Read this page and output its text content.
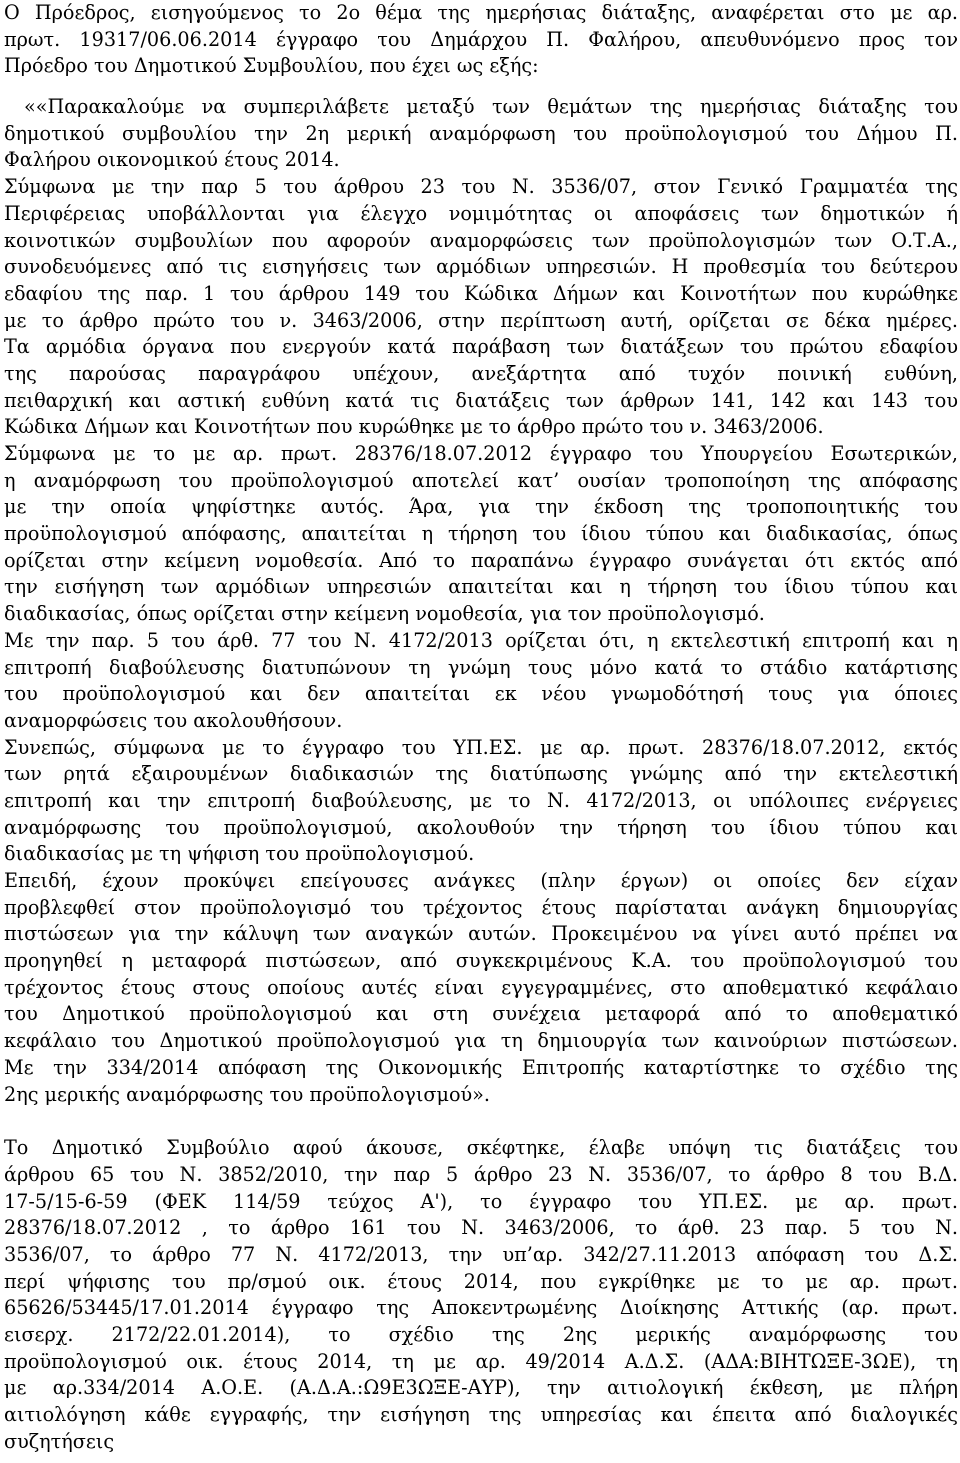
Ο Πρόεδρος, εισηγούμενος το 2ο θέμα της ημερήσιας διάταξης, αναφέρεται στο με αρ.
πρωτ. 19317/06.06.2014 έγγραφο του Δημάρχου Π. Φαλήρου, απευθυνόμενο προς τον
Πρόεδρο του Δημοτικού Συμβουλίου, που έχει ως εξής:
««Παρακαλούμε να συμπεριλάβετε μεταξύ των θεμάτων της ημερήσιας διάταξης του
δημοτικού συμβουλίου την 2η μερική αναμόρφωση του προϋπολογισμού του Δήμου Π.
Φαλήρου οικονομικού έτους 2014.
Σύμφωνα με την παρ 5 του άρθρου 23 του Ν. 3536/07, στον Γενικό Γραμματέα της
Περιφέρειας υποβάλλονται για έλεγχο νομιμότητας οι αποφάσεις των δημοτικών ή
κοινοτικών συμβουλίων που αφορούν αναμορφώσεις των προϋπολογισμών των Ο.Τ.Α.,
συνοδευόμενες από τις εισηγήσεις των αρμόδιων υπηρεσιών. Η προθεσμία του δεύτερου
εδαφίου της παρ. 1 του άρθρου 149 του Κώδικα Δήμων και Κοινοτήτων που κυρώθηκε
με το άρθρο πρώτο του ν. 3463/2006, στην περίπτωση αυτή, ορίζεται σε δέκα ημέρες.
Τα αρμόδια όργανα που ενεργούν κατά παράβαση των διατάξεων του πρώτου εδαφίου
της παρούσας παραγράφου υπέχουν, ανεξάρτητα από τυχόν ποινική ευθύνη,
πειθαρχική και αστική ευθύνη κατά τις διατάξεις των άρθρων 141, 142 και 143 του
Κώδικα Δήμων και Κοινοτήτων που κυρώθηκε με το άρθρο πρώτο του ν. 3463/2006.
Σύμφωνα με το με αρ. πρωτ. 28376/18.07.2012 έγγραφο του Υπουργείου Εσωτερικών,
η αναμόρφωση του προϋπολογισμού αποτελεί κατ’ ουσίαν τροποποίηση της απόφασης
με την οποία ψηφίστηκε αυτός. Άρα, για την έκδοση της τροποποιητικής του
προϋπολογισμού απόφασης, απαιτείται η τήρηση του ίδιου τύπου και διαδικασίας, όπως
ορίζεται στην κείμενη νομοθεσία. Από το παραπάνω έγγραφο συνάγεται ότι εκτός από
την εισήγηση των αρμόδιων υπηρεσιών απαιτείται και η τήρηση του ίδιου τύπου και
διαδικασίας, όπως ορίζεται στην κείμενη νομοθεσία, για τον προϋπολογισμό.
Με την παρ. 5 του άρθ. 77 του Ν. 4172/2013 ορίζεται ότι, η εκτελεστική επιτροπή και η
επιτροπή διαβούλευσης διατυπώνουν τη γνώμη τους μόνο κατά το στάδιο κατάρτισης
του προϋπολογισμού και δεν απαιτείται εκ νέου γνωμοδότησή τους για όποιες
αναμορφώσεις του ακολουθήσουν.
Συνεπώς, σύμφωνα με το έγγραφο του ΥΠ.ΕΣ. με αρ. πρωτ. 28376/18.07.2012, εκτός
των ρητά εξαιρουμένων διαδικασιών της διατύπωσης γνώμης από την εκτελεστική
επιτροπή και την επιτροπή διαβούλευσης, με το Ν. 4172/2013, οι υπόλοιπες ενέργειες
αναμόρφωσης του προϋπολογισμού, ακολουθούν την τήρηση του ίδιου τύπου και
διαδικασίας με τη ψήφιση του προϋπολογισμού.
Επειδή, έχουν προκύψει επείγουσες ανάγκες (πλην έργων) οι οποίες δεν είχαν
προβλεφθεί στον προϋπολογισμό του τρέχοντος έτους παρίσταται ανάγκη δημιουργίας
πιστώσεων για την κάλυψη των αναγκών αυτών. Προκειμένου να γίνει αυτό πρέπει να
προηγηθεί η μεταφορά πιστώσεων, από συγκεκριμένους Κ.Α. του προϋπολογισμού του
τρέχοντος έτους στους οποίους αυτές είναι εγγεγραμμένες, στο αποθεματικό κεφάλαιο
του Δημοτικού προϋπολογισμού και στη συνέχεια μεταφορά από το αποθεματικό
κεφάλαιο του Δημοτικού προϋπολογισμού για τη δημιουργία των καινούριων πιστώσεων.
Με την 334/2014 απόφαση της Οικονομικής Επιτροπής καταρτίστηκε το σχέδιο της
2ης μερικής αναμόρφωσης του προϋπολογισμού».
Το Δημοτικό Συμβούλιο αφού άκουσε, σκέφτηκε, έλαβε υπόψη τις διατάξεις του
άρθρου 65 του Ν. 3852/2010, την παρ 5 άρθρο 23 Ν. 3536/07, το άρθρο 8 του Β.Δ.
17-5/15-6-59 (ΦΕΚ 114/59 τεύχος Α'), το έγγραφο του ΥΠ.ΕΣ. με αρ. πρωτ.
28376/18.07.2012 , το άρθρο 161 του Ν. 3463/2006, το άρθ. 23 παρ. 5 του Ν.
3536/07, το άρθρο 77 Ν. 4172/2013, την υπ’αρ. 342/27.11.2013 απόφαση του Δ.Σ.
περί ψήφισης του πρ/σμού οικ. έτους 2014, που εγκρίθηκε με το με αρ. πρωτ.
65626/53445/17.01.2014 έγγραφο της Αποκεντρωμένης Διοίκησης Αττικής (αρ. πρωτ.
εισερχ. 2172/22.01.2014), το σχέδιο της 2ης μερικής αναμόρφωσης του
προϋπολογισμού οικ. έτους 2014, τη με αρ. 49/2014 Α.Δ.Σ. (ΑΔΑ:ΒΙΗΤΩΞΕ-3ΩΕ), τη
με αρ.334/2014 Α.Ο.Ε. (Α.Δ.Α.:Ω9Ε3ΩΞΕ-ΑΥΡ), την αιτιολογική έκθεση, με πλήρη
αιτιολόγηση κάθε εγγραφής, την εισήγηση της υπηρεσίας και έπειτα από διαλογικές
συζητήσεις
